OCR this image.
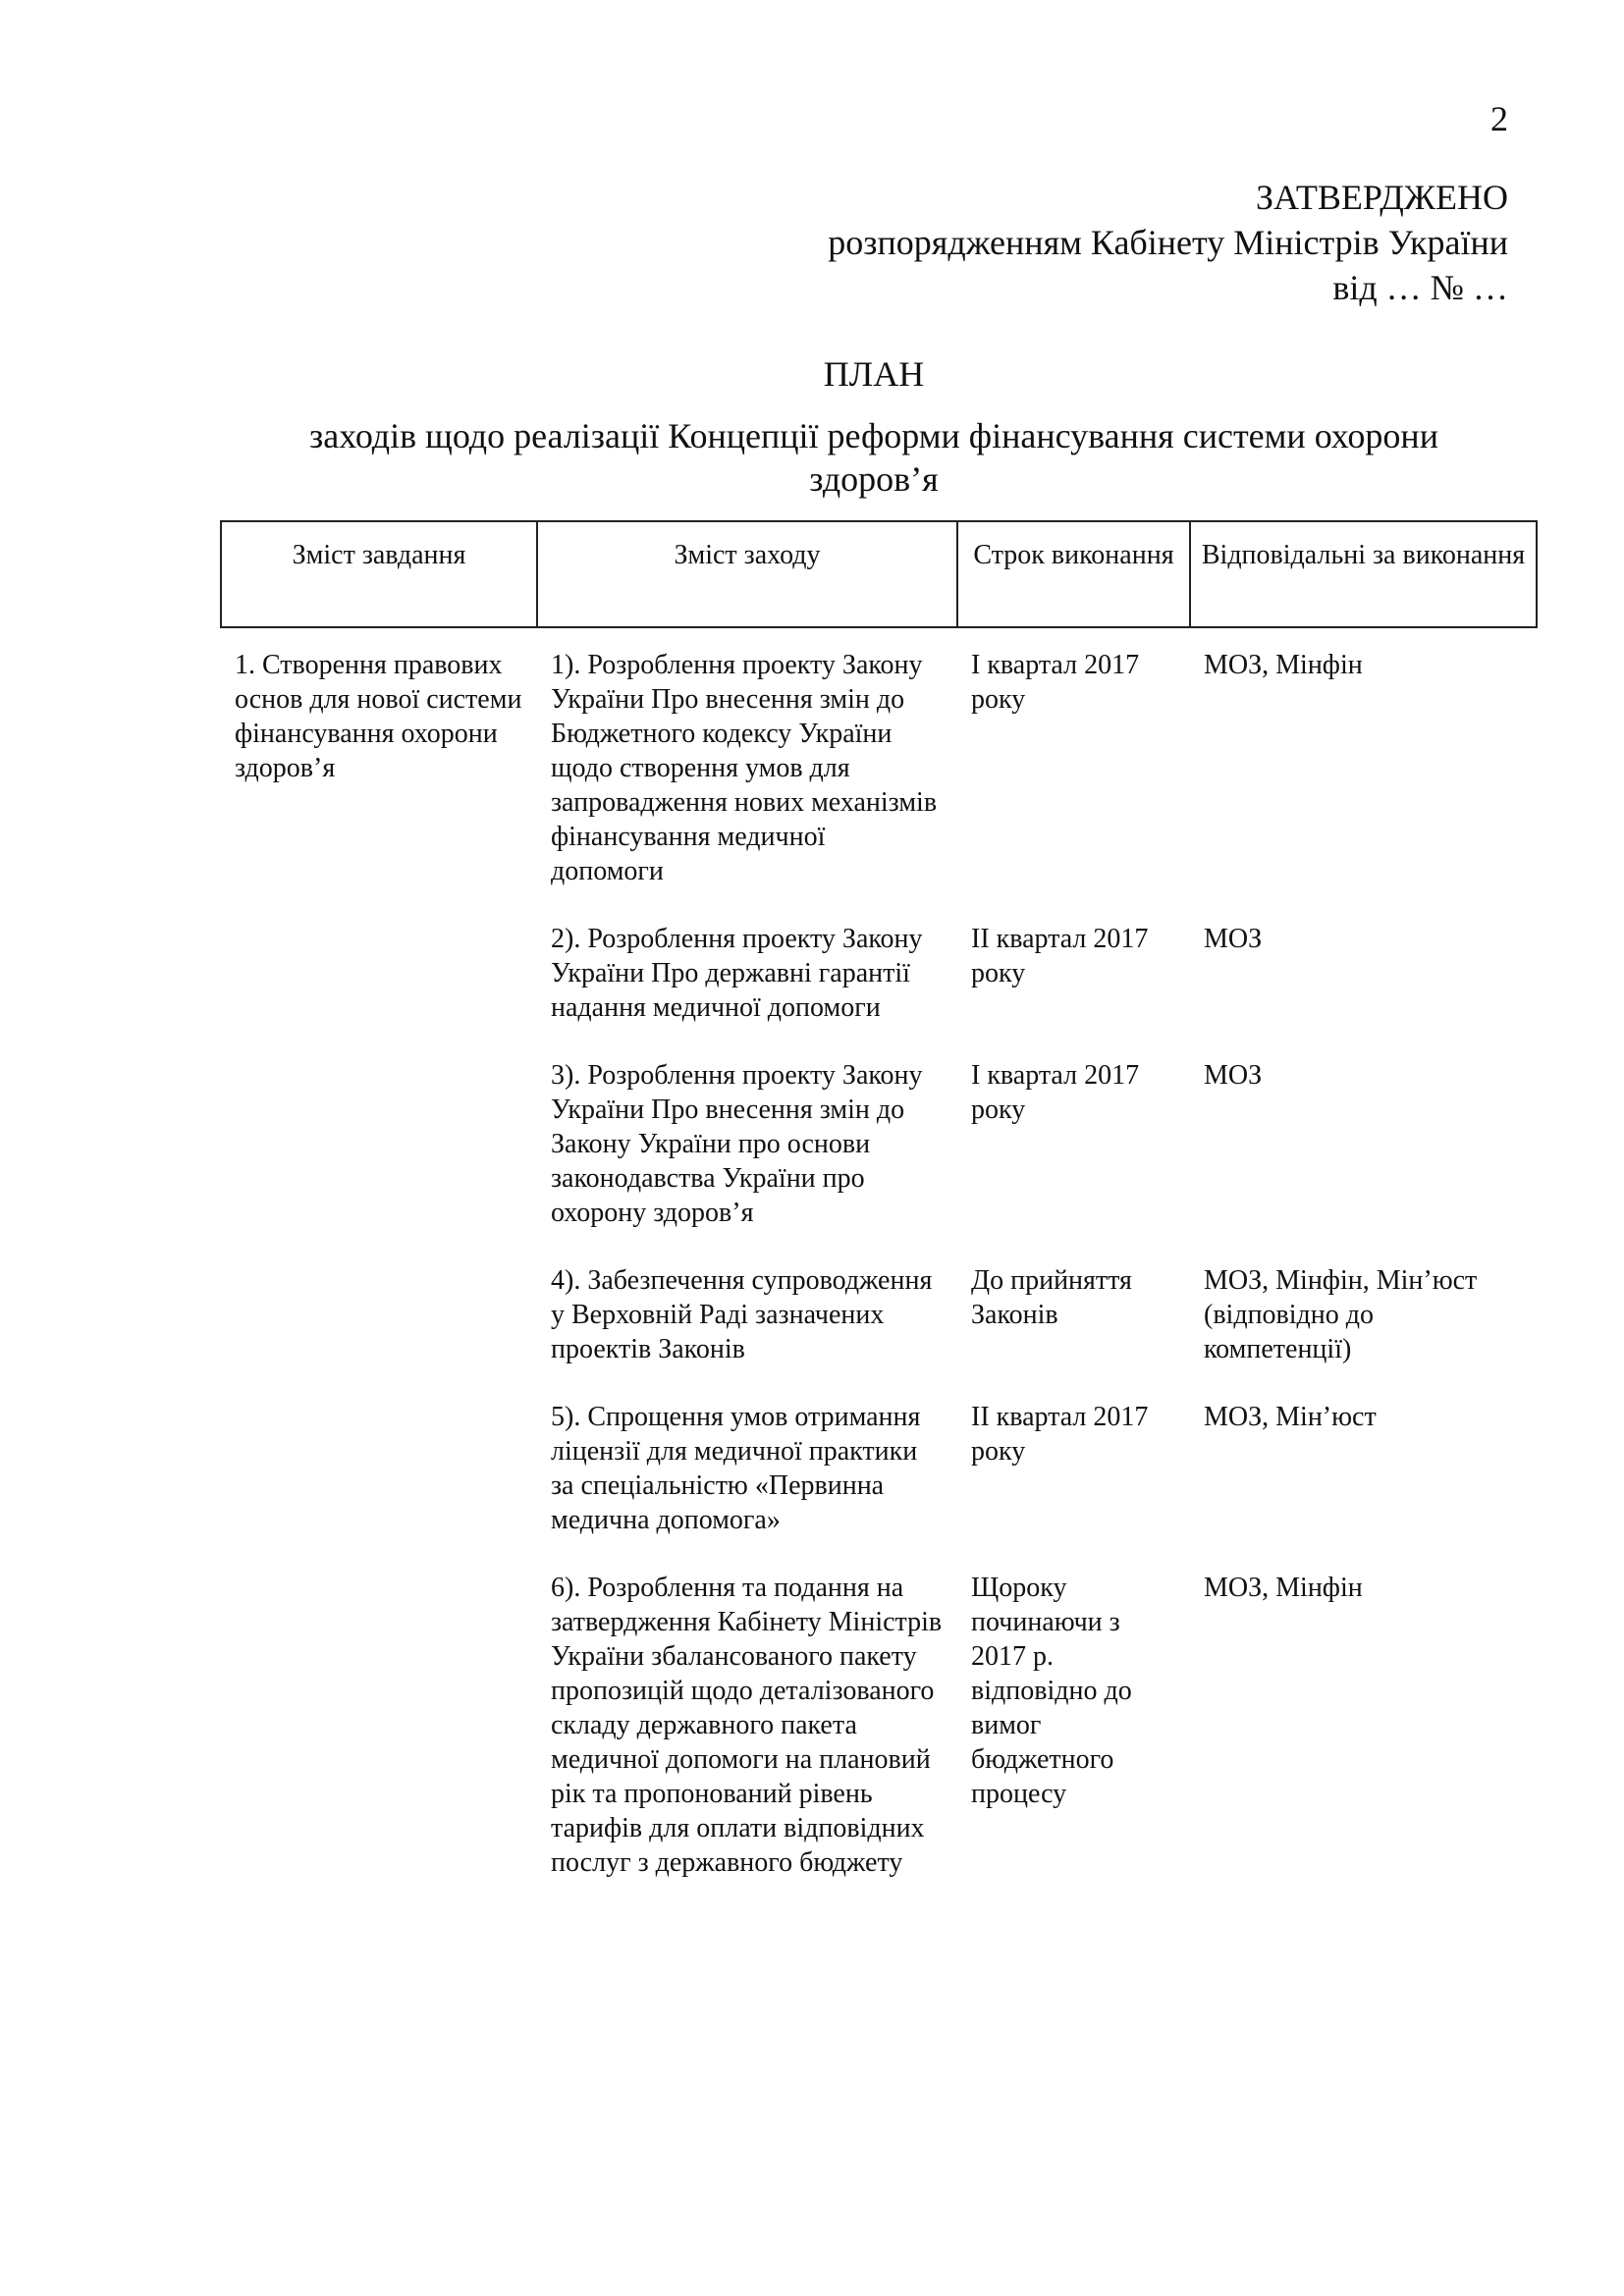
2
ЗАТВЕРДЖЕНО
розпорядженням Кабінету Міністрів України
від … № …
ПЛАН
заходів щодо реалізації Концепції реформи фінансування системи охорони
здоров’я
Зміст завдання	Зміст заходу	Строк виконання	Відповідальні за виконання
1. Створення правових основ для нової системи фінансування охорони здоров’я	1). Розроблення проекту Закону України Про внесення змін до Бюджетного кодексу України щодо створення умов для запровадження нових механізмів фінансування медичної допомоги	І квартал 2017 року	МОЗ, Мінфін
	2). Розроблення проекту Закону України Про державні гарантії надання медичної допомоги	ІІ квартал 2017 року	МОЗ
	3). Розроблення проекту Закону України Про внесення змін до Закону України про основи законодавства України про охорону здоров’я	І квартал 2017 року	МОЗ
	4). Забезпечення супроводження у Верховній Раді зазначених проектів Законів	До прийняття Законів	МОЗ, Мінфін, Мін’юст (відповідно до компетенції)
	5). Спрощення умов отримання ліцензії для медичної практики за спеціальністю «Первинна медична допомога»	ІІ квартал 2017 року	МОЗ, Мін’юст
	6). Розроблення та подання на затвердження Кабінету Міністрів України збалансованого пакету пропозицій щодо деталізованого складу державного пакета медичної допомоги на плановий рік та пропонований рівень тарифів для оплати відповідних послуг з державного бюджету	Щороку починаючи з 2017 р. відповідно до вимог бюджетного процесу	МОЗ, Мінфін
